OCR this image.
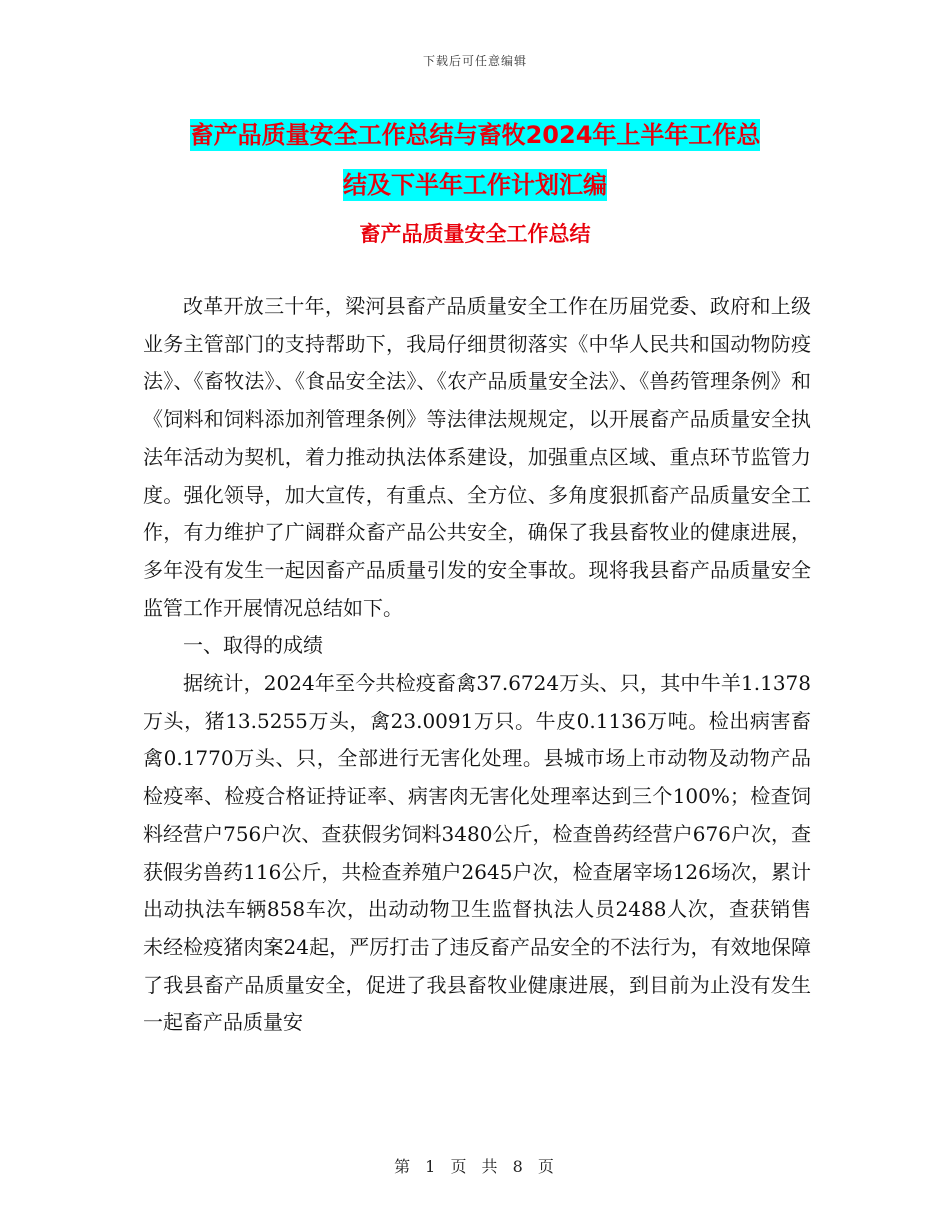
下载后可任意编辑
畜产品质量安全工作总结与畜牧2024年上半年工作总
结及下半年工作计划汇编
畜产品质量安全工作总结

改革开放三十年，梁河县畜产品质量安全工作在历届党委、政府和上级业务主管部门的支持帮助下，我局仔细贯彻落实《中华人民共和国动物防疫法》、《畜牧法》、《食品安全法》、《农产品质量安全法》、《兽药管理条例》和《饲料和饲料添加剂管理条例》等法律法规规定，以开展畜产品质量安全执法年活动为契机，着力推动执法体系建设，加强重点区域、重点环节监管力度。强化领导，加大宣传，有重点、全方位、多角度狠抓畜产品质量安全工作，有力维护了广阔群众畜产品公共安全，确保了我县畜牧业的健康进展，多年没有发生一起因畜产品质量引发的安全事故。现将我县畜产品质量安全监管工作开展情况总结如下。

一、取得的成绩

据统计，2024年至今共检疫畜禽37.6724万头、只，其中牛羊1.1378万头，猪13.5255万头，禽23.0091万只。牛皮0.1136万吨。检出病害畜禽0.1770万头、只，全部进行无害化处理。县城市场上市动物及动物产品检疫率、检疫合格证持证率、病害肉无害化处理率达到三个100%；检查饲料经营户756户次、查获假劣饲料3480公斤，检查兽药经营户676户次，查获假劣兽药116公斤，共检查养殖户2645户次，检查屠宰场126场次，累计出动执法车辆858车次，出动动物卫生监督执法人员2488人次，查获销售未经检疫猪肉案24起，严厉打击了违反畜产品安全的不法行为，有效地保障了我县畜产品质量安全，促进了我县畜牧业健康进展，到目前为止没有发生一起畜产品质量安

第 1 页 共 8 页
